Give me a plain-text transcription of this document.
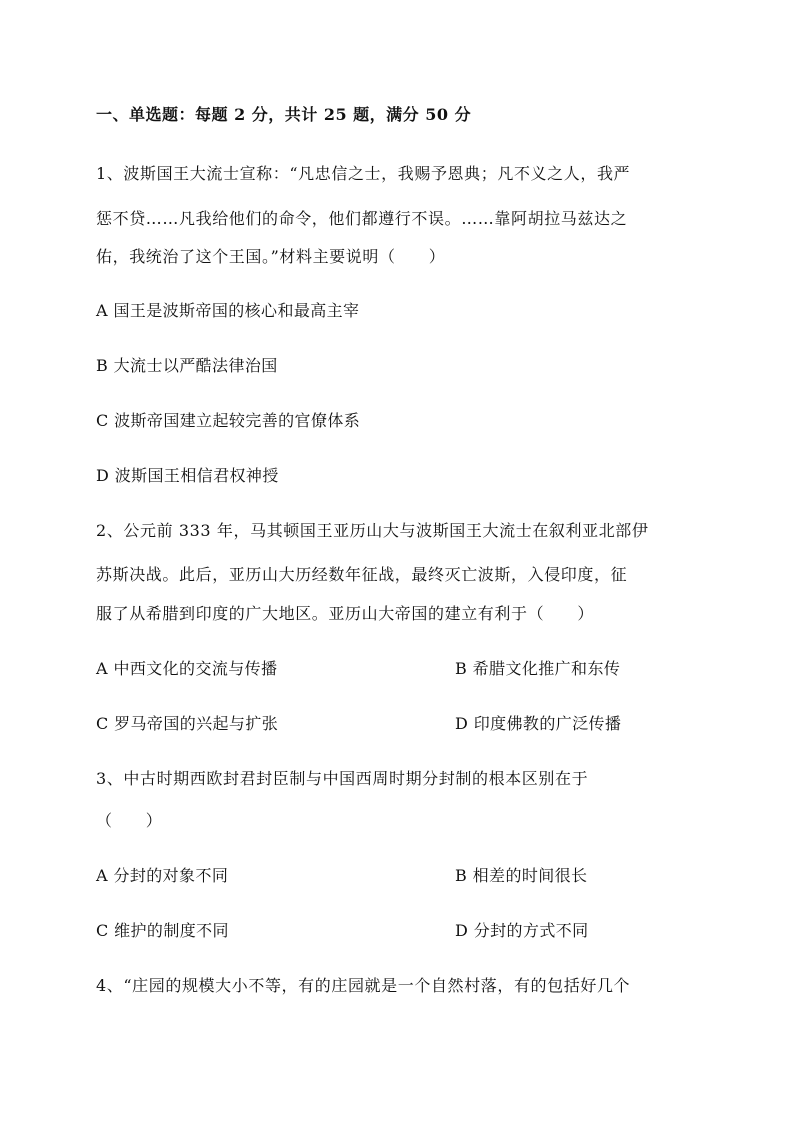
一、单选题：每题 2 分，共计 25 题，满分 50 分
1、波斯国王大流士宣称：“凡忠信之士，我赐予恩典；凡不义之人，我严
惩不贷……凡我给他们的命令，他们都遵行不误。……靠阿胡拉马兹达之
佑，我统治了这个王国。”材料主要说明（　　）
A 国王是波斯帝国的核心和最高主宰
B 大流士以严酷法律治国
C 波斯帝国建立起较完善的官僚体系
D 波斯国王相信君权神授
2、公元前 333 年，马其顿国王亚历山大与波斯国王大流士在叙利亚北部伊
苏斯决战。此后，亚历山大历经数年征战，最终灭亡波斯，入侵印度，征
服了从希腊到印度的广大地区。亚历山大帝国的建立有利于（　　）
A 中西文化的交流与传播	B 希腊文化推广和东传
C 罗马帝国的兴起与扩张	D 印度佛教的广泛传播
3、中古时期西欧封君封臣制与中国西周时期分封制的根本区别在于
（　　）
A 分封的对象不同	B 相差的时间很长
C 维护的制度不同	D 分封的方式不同
4、“庄园的规模大小不等，有的庄园就是一个自然村落，有的包括好几个
